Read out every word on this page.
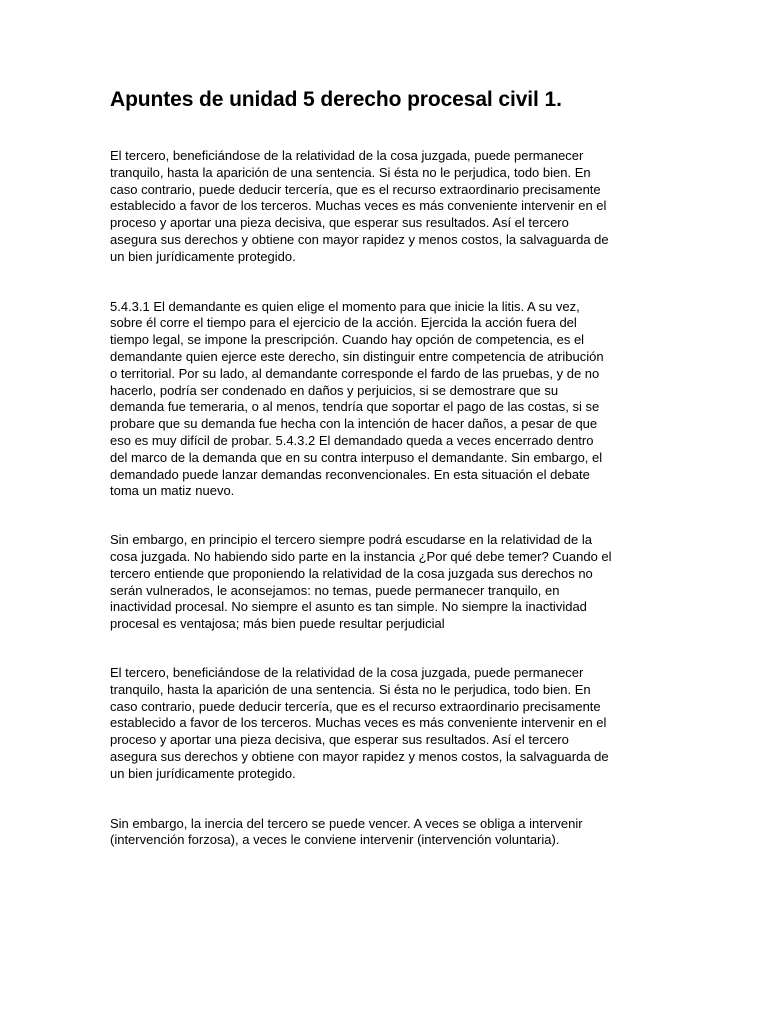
Apuntes de unidad 5 derecho procesal civil 1.

El tercero, beneficiándose de la relatividad de la cosa juzgada, puede permanecer
tranquilo, hasta la aparición de una sentencia. Si ésta no le perjudica, todo bien. En
caso contrario, puede deducir tercería, que es el recurso extraordinario precisamente
establecido a favor de los terceros. Muchas veces es más conveniente intervenir en el
proceso y aportar una pieza decisiva, que esperar sus resultados. Así el tercero
asegura sus derechos y obtiene con mayor rapidez y menos costos, la salvaguarda de
un bien jurídicamente protegido.

5.4.3.1 El demandante es quien elige el momento para que inicie la litis. A su vez,
sobre él corre el tiempo para el ejercicio de la acción. Ejercida la acción fuera del
tiempo legal, se impone la prescripción. Cuando hay opción de competencia, es el
demandante quien ejerce este derecho, sin distinguir entre competencia de atribución
o territorial. Por su lado, al demandante corresponde el fardo de las pruebas, y de no
hacerlo, podría ser condenado en daños y perjuicios, si se demostrare que su
demanda fue temeraria, o al menos, tendría que soportar el pago de las costas, si se
probare que su demanda fue hecha con la intención de hacer daños, a pesar de que
eso es muy difícil de probar. 5.4.3.2 El demandado queda a veces encerrado dentro
del marco de la demanda que en su contra interpuso el demandante. Sin embargo, el
demandado puede lanzar demandas reconvencionales. En esta situación el debate
toma un matiz nuevo.

Sin embargo, en principio el tercero siempre podrá escudarse en la relatividad de la
cosa juzgada. No habiendo sido parte en la instancia ¿Por qué debe temer? Cuando el
tercero entiende que proponiendo la relatividad de la cosa juzgada sus derechos no
serán vulnerados, le aconsejamos: no temas, puede permanecer tranquilo, en
inactividad procesal. No siempre el asunto es tan simple. No siempre la inactividad
procesal es ventajosa; más bien puede resultar perjudicial

El tercero, beneficiándose de la relatividad de la cosa juzgada, puede permanecer
tranquilo, hasta la aparición de una sentencia. Si ésta no le perjudica, todo bien. En
caso contrario, puede deducir tercería, que es el recurso extraordinario precisamente
establecido a favor de los terceros. Muchas veces es más conveniente intervenir en el
proceso y aportar una pieza decisiva, que esperar sus resultados. Así el tercero
asegura sus derechos y obtiene con mayor rapidez y menos costos, la salvaguarda de
un bien jurídicamente protegido.

Sin embargo, la inercia del tercero se puede vencer. A veces se obliga a intervenir
(intervención forzosa), a veces le conviene intervenir (intervención voluntaria).
